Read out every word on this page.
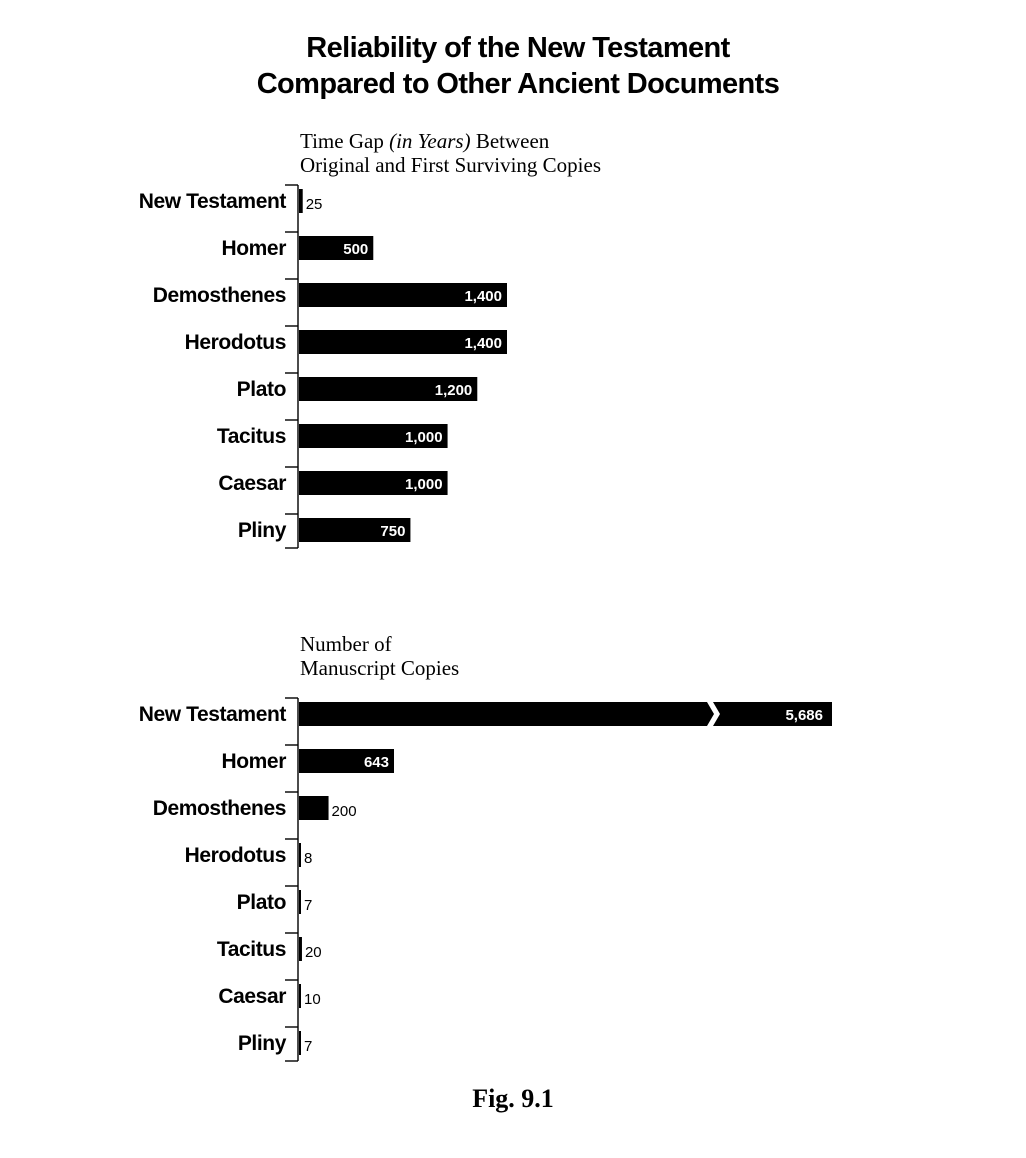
Reliability of the New Testament
Compared to Other Ancient Documents
Time Gap (in Years) Between
Original and First Surviving Copies
Number of
Manuscript Copies
New Testament 25
Homer	500
Demosthenes	1,400
Herodotus	1,400
Plato	1,200
Tacitus	1,000
Caesar	1,000
Pliny	750
New Testament	5,686
Homer	643
Demosthenes	200
Herodotus 8
Plato 7
Tacitus 20
Caesar 10
Pliny 7
Fig. 9.1
